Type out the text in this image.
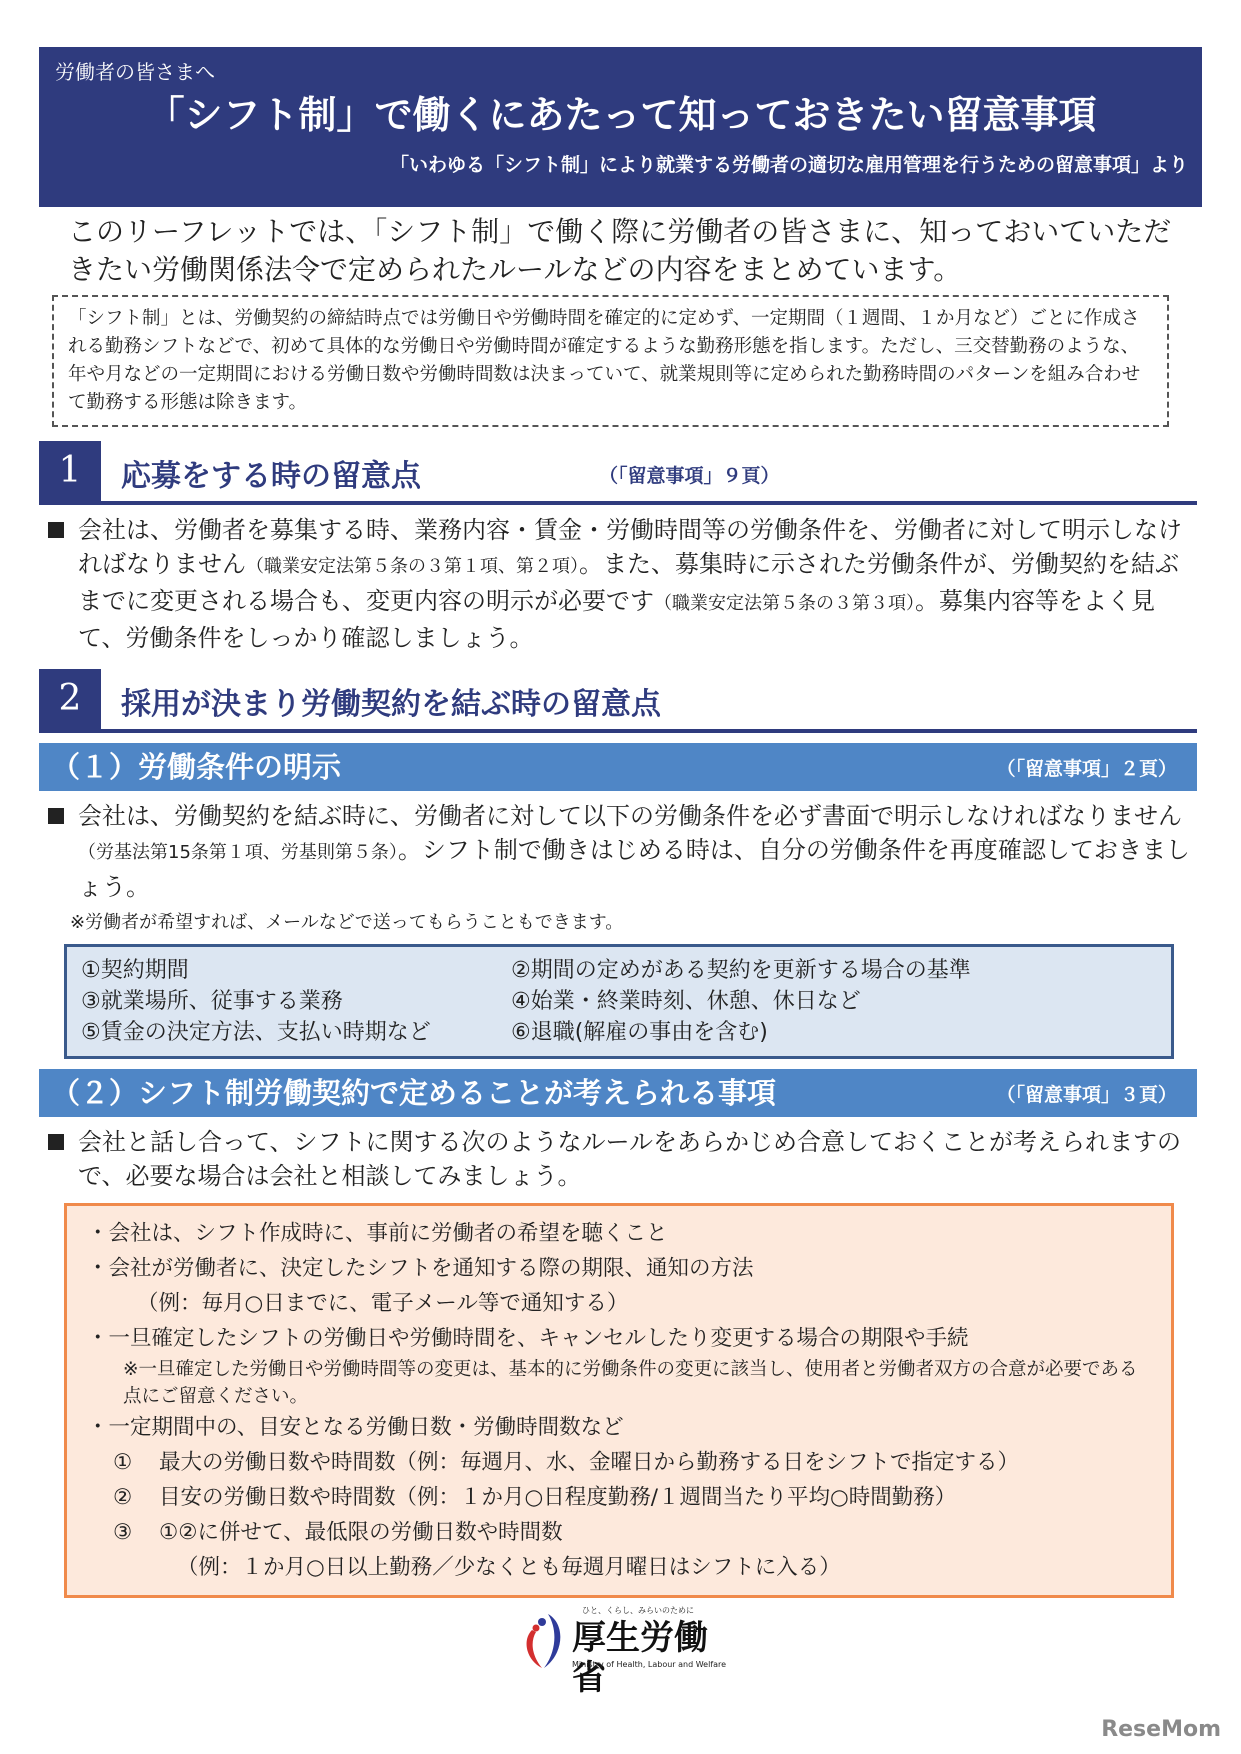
労働者の皆さまへ
「シフト制」で働くにあたって知っておきたい留意事項
「いわゆる「シフト制」により就業する労働者の適切な雇用管理を行うための留意事項」より
このリーフレットでは、「シフト制」で働く際に労働者の皆さまに、知っておいていただきたい労働関係法令で定められたルールなどの内容をまとめています。
「シフト制」とは、労働契約の締結時点では労働日や労働時間を確定的に定めず、一定期間（１週間、１か月など）ごとに作成される勤務シフトなどで、初めて具体的な労働日や労働時間が確定するような勤務形態を指します。ただし、三交替勤務のような、年や月などの一定期間における労働日数や労働時間数は決まっていて、就業規則等に定められた勤務時間のパターンを組み合わせて勤務する形態は除きます。
1	応募をする時の留意点	（「留意事項」９頁）
会社は、労働者を募集する時、業務内容・賃金・労働時間等の労働条件を、労働者に対して明示しなければなりません（職業安定法第５条の３第１項、第２項）。また、募集時に示された労働条件が、労働契約を結ぶまでに変更される場合も、変更内容の明示が必要です（職業安定法第５条の３第３項）。募集内容等をよく見て、労働条件をしっかり確認しましょう。
2	採用が決まり労働契約を結ぶ時の留意点
（１）労働条件の明示	（「留意事項」２頁）
会社は、労働契約を結ぶ時に、労働者に対して以下の労働条件を必ず書面で明示しなければなりません（労基法第15条第１項、労基則第５条）。シフト制で働きはじめる時は、自分の労働条件を再度確認しておきましょう。
※労働者が希望すれば、メールなどで送ってもらうこともできます。
①契約期間	②期間の定めがある契約を更新する場合の基準
③就業場所、従事する業務	④始業・終業時刻、休憩、休日など
⑤賃金の決定方法、支払い時期など	⑥退職(解雇の事由を含む)
（２）シフト制労働契約で定めることが考えられる事項	（「留意事項」３頁）
会社と話し合って、シフトに関する次のようなルールをあらかじめ合意しておくことが考えられますので、必要な場合は会社と相談してみましょう。
・会社は、シフト作成時に、事前に労働者の希望を聴くこと
・会社が労働者に、決定したシフトを通知する際の期限、通知の方法
（例：毎月○日までに、電子メール等で通知する）
・一旦確定したシフトの労働日や労働時間を、キャンセルしたり変更する場合の期限や手続
※一旦確定した労働日や労働時間等の変更は、基本的に労働条件の変更に該当し、使用者と労働者双方の合意が必要である点にご留意ください。
・一定期間中の、目安となる労働日数・労働時間数など
①	最大の労働日数や時間数（例：毎週月、水、金曜日から勤務する日をシフトで指定する）
②	目安の労働日数や時間数（例：１か月○日程度勤務/１週間当たり平均○時間勤務）
③	①②に併せて、最低限の労働日数や時間数
（例：１か月○日以上勤務／少なくとも毎週月曜日はシフトに入る）
ひと、くらし、みらいのために
厚生労働省
Ministry of Health, Labour and Welfare
ReseMom
